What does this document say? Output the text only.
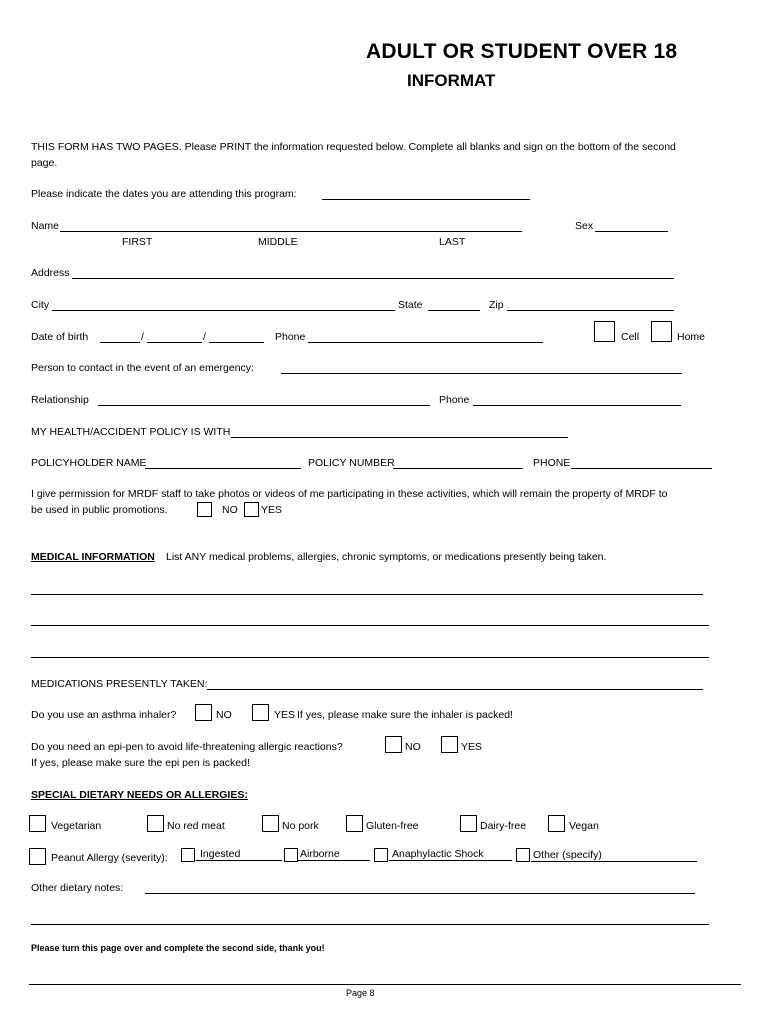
ADULT OR STUDENT OVER 18
INFORMAT
THIS FORM HAS TWO PAGES. Please PRINT the information requested below. Complete all blanks and sign on the bottom of the second
page.
Please indicate the dates you are attending this program:
Name	Sex
FIRST	MIDDLE	LAST
Address
City	State	Zip
Date of birth	/	/	Phone	Cell	Home
Person to contact in the event of an emergency:
Relationship	Phone
MY HEALTH/ACCIDENT POLICY IS WITH
POLICYHOLDER NAME	POLICY NUMBER	PHONE
I give permission for MRDF staff to take photos or videos of me participating in these activities, which will remain the property of MRDF to
be used in public promotions.	NO YES
MEDICAL INFORMATION List ANY medical problems, allergies, chronic symptoms, or medications presently being taken.
MEDICATIONS PRESENTLY TAKEN:
Do you use an asthma inhaler?	NO	YES If yes, please make sure the inhaler is packed!
Do you need an epi-pen to avoid life-threatening allergic reactions?	NO	YES
If yes, please make sure the epi pen is packed!
SPECIAL DIETARY NEEDS OR ALLERGIES:
Vegetarian	No red meat	No pork	Gluten-free	Dairy-free	Vegan
Peanut Allergy (severity):	Ingested	Airborne	Anaphylactic Shock	Other (specify)
Other dietary notes:
Please turn this page over and complete the second side, thank you!
Page 8
